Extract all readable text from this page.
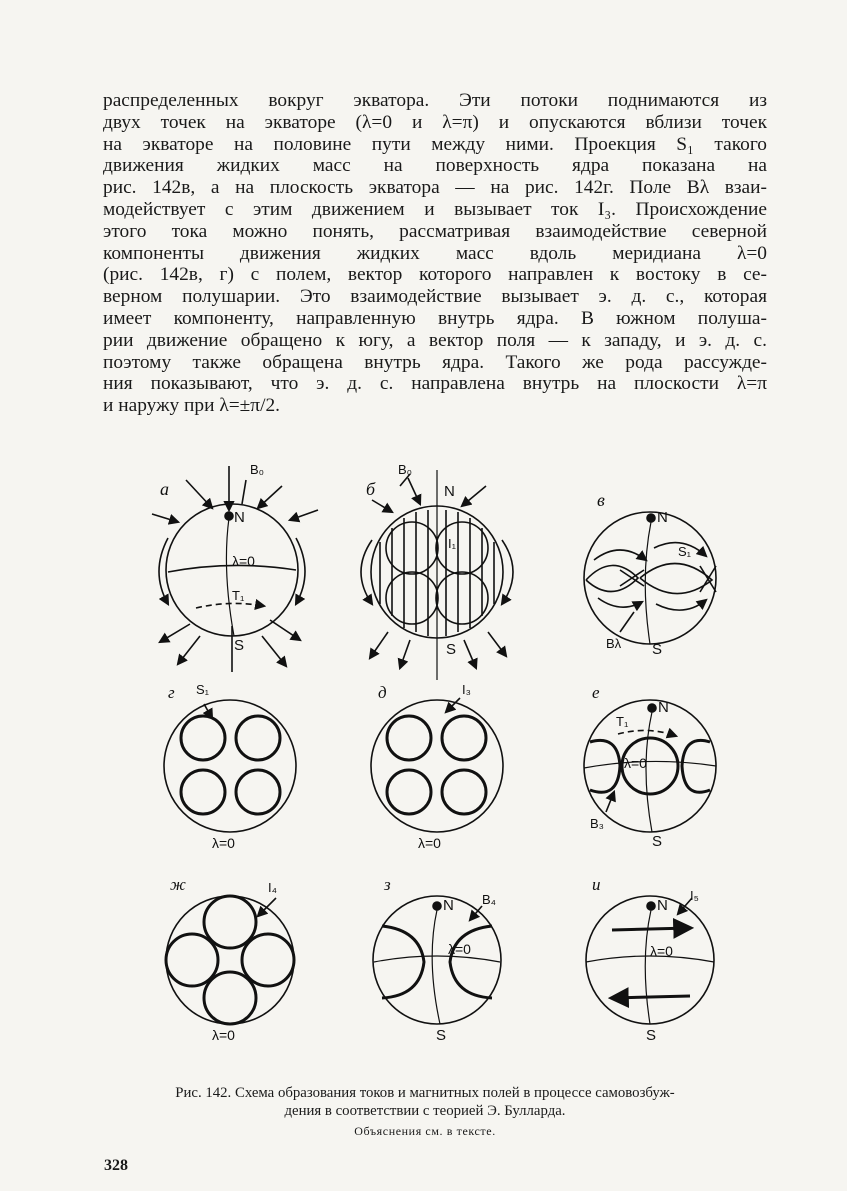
распределенных вокруг экватора. Эти потоки поднимаются из
двух точек на экваторе (λ=0 и λ=π) и опускаются вблизи точек
на экваторе на половине пути между ними. Проекция S₁ такого
движения жидких масс на поверхность ядра показана на
рис. 142в, а на плоскость экватора — на рис. 142г. Поле Bλ взаи-
модействует с этим движением и вызывает ток I₃. Происхождение
этого тока можно понять, рассматривая взаимодействие северной
компоненты движения жидких масс вдоль меридиана λ=0
(рис. 142в, г) с полем, вектор которого направлен к востоку в се-
верном полушарии. Это взаимодействие вызывает э. д. с., которая
имеет компоненту, направленную внутрь ядра. В южном полуша-
рии движение обращено к югу, а вектор поля — к западу, и э. д. с.
поэтому также обращена внутрь ядра. Такого же рода рассужде-
ния показывают, что э. д. с. направлена внутрь на плоскости λ=π
и наружу при λ=±π/2.
а
B₀
N
λ=0
T₁
S
б
B₀
N
I₁
S
в
N
S₁
Bλ S
г S₁
λ=0
д	I₃
λ=0
е
N
T₁
λ=0
B₃
S
ж	I₄
λ=0
з
N B₄
λ=0
S
и
N
I₅
λ=0
S
Рис. 142. Схема образования токов и магнитных полей в процессе самовозбуж-
дения в соответствии с теорией Э. Булларда.
Объяснения см. в тексте.
328
